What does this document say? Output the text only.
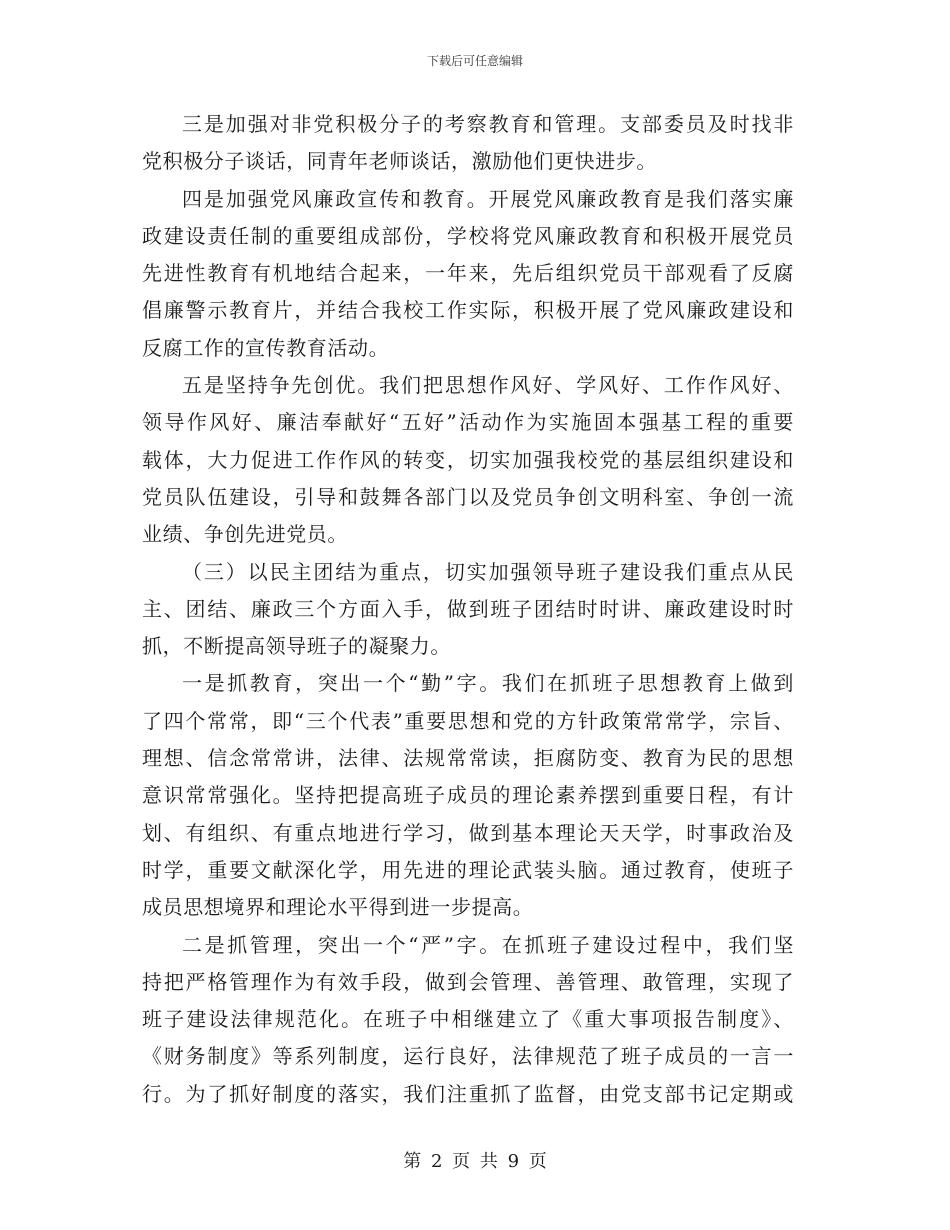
下载后可任意编辑
三是加强对非党积极分子的考察教育和管理。支部委员及时找非
党积极分子谈话，同青年老师谈话，激励他们更快进步。
四是加强党风廉政宣传和教育。开展党风廉政教育是我们落实廉
政建设责任制的重要组成部份，学校将党风廉政教育和积极开展党员
先进性教育有机地结合起来，一年来，先后组织党员干部观看了反腐
倡廉警示教育片，并结合我校工作实际，积极开展了党风廉政建设和
反腐工作的宣传教育活动。
五是坚持争先创优。我们把思想作风好、学风好、工作作风好、
领导作风好、廉洁奉献好“五好”活动作为实施固本强基工程的重要
载体，大力促进工作作风的转变，切实加强我校党的基层组织建设和
党员队伍建设，引导和鼓舞各部门以及党员争创文明科室、争创一流
业绩、争创先进党员。
（三）以民主团结为重点，切实加强领导班子建设我们重点从民
主、团结、廉政三个方面入手，做到班子团结时时讲、廉政建设时时
抓，不断提高领导班子的凝聚力。
一是抓教育，突出一个“勤”字。我们在抓班子思想教育上做到
了四个常常，即“三个代表”重要思想和党的方针政策常常学，宗旨、
理想、信念常常讲，法律、法规常常读，拒腐防变、教育为民的思想
意识常常强化。坚持把提高班子成员的理论素养摆到重要日程，有计
划、有组织、有重点地进行学习，做到基本理论天天学，时事政治及
时学，重要文献深化学，用先进的理论武装头脑。通过教育，使班子
成员思想境界和理论水平得到进一步提高。
二是抓管理，突出一个“严”字。在抓班子建设过程中，我们坚
持把严格管理作为有效手段，做到会管理、善管理、敢管理，实现了
班子建设法律规范化。在班子中相继建立了《重大事项报告制度》、
《财务制度》等系列制度，运行良好，法律规范了班子成员的一言一
行。为了抓好制度的落实，我们注重抓了监督，由党支部书记定期或
第 2 页 共 9 页
